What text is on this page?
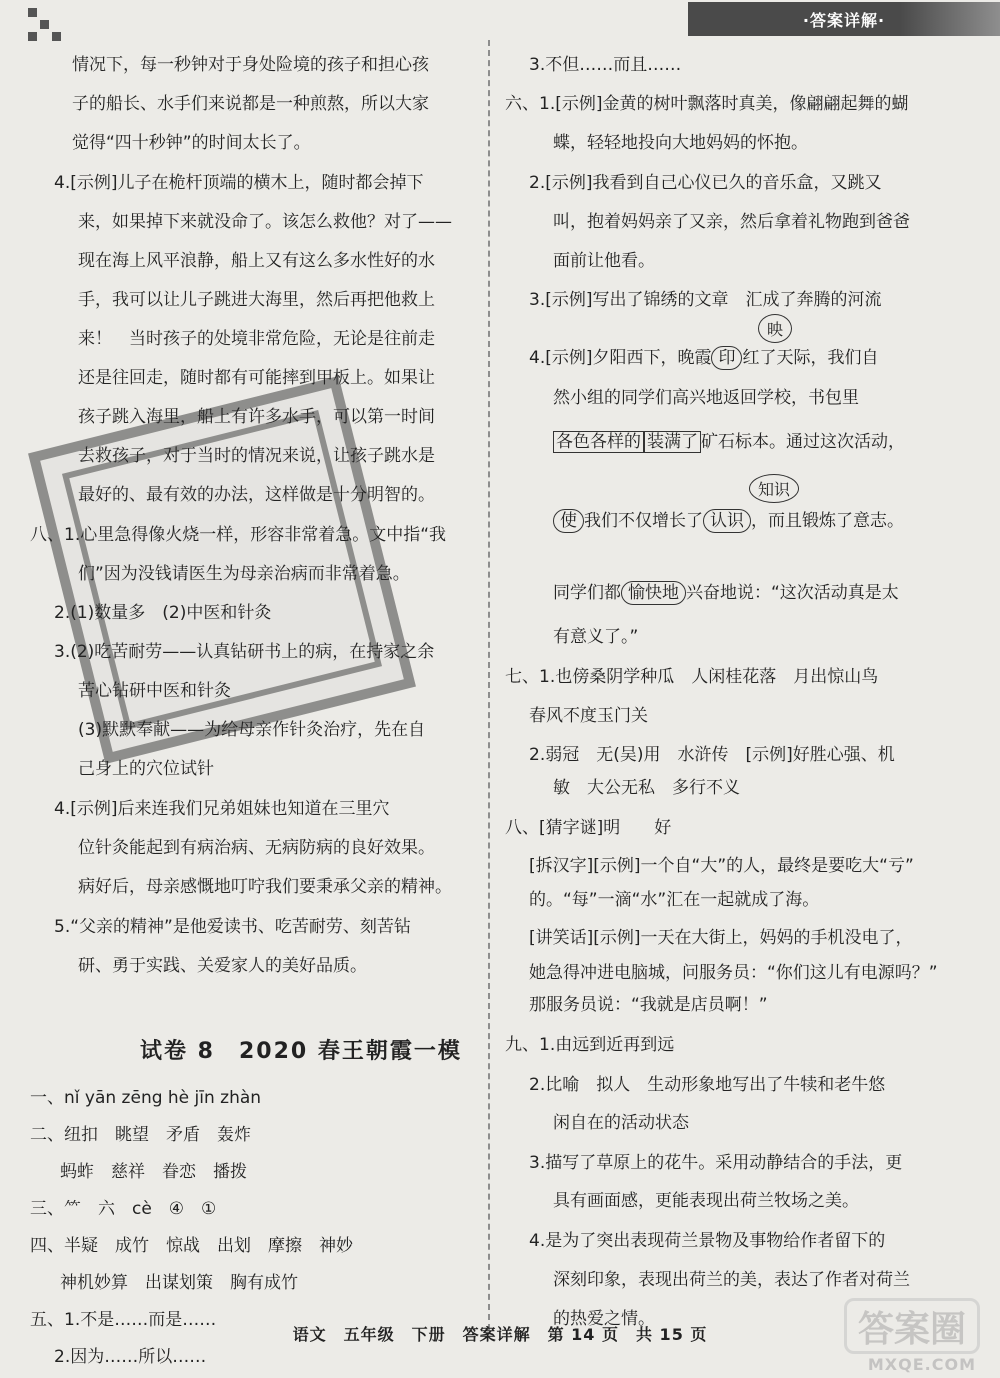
·答案详解·
情况下，每一秒钟对于身处险境的孩子和担心孩
子的船长、水手们来说都是一种煎熬，所以大家
觉得“四十秒钟”的时间太长了。
4.[示例]儿子在桅杆顶端的横木上，随时都会掉下
来，如果掉下来就没命了。该怎么救他？对了——
现在海上风平浪静，船上又有这么多水性好的水
手，我可以让儿子跳进大海里，然后再把他救上
来！　当时孩子的处境非常危险，无论是往前走
还是往回走，随时都有可能摔到甲板上。如果让
孩子跳入海里，船上有许多水手，可以第一时间
去救孩子，对于当时的情况来说，让孩子跳水是
最好的、最有效的办法，这样做是十分明智的。
八、1.心里急得像火烧一样，形容非常着急。文中指“我
们”因为没钱请医生为母亲治病而非常着急。
2.(1)数量多　(2)中医和针灸
3.(2)吃苦耐劳——认真钻研书上的病，在持家之余
苦心钻研中医和针灸
(3)默默奉献——为给母亲作针灸治疗，先在自
己身上的穴位试针
4.[示例]后来连我们兄弟姐妹也知道在三里穴
位针灸能起到有病治病、无病防病的良好效果。
病好后，母亲感慨地叮咛我们要秉承父亲的精神。
5.“父亲的精神”是他爱读书、吃苦耐劳、刻苦钻
研、勇于实践、关爱家人的美好品质。
试卷 8　2020 春王朝霞一模
一、nǐ yān zēng hè jīn zhàn
二、纽扣　眺望　矛盾　轰炸
蚂蚱　慈祥　眷恋　播拨
三、⺮　六　cè　④　①
四、半疑　成竹　惊战　出划　摩擦　神妙
神机妙算　出谋划策　胸有成竹
五、1.不是……而是……
2.因为……所以……
3.不但……而且……
六、1.[示例]金黄的树叶飘落时真美，像翩翩起舞的蝴
蝶，轻轻地投向大地妈妈的怀抱。
2.[示例]我看到自己心仪已久的音乐盒，又跳又
叫，抱着妈妈亲了又亲，然后拿着礼物跑到爸爸
面前让他看。
3.[示例]写出了锦绣的文章　汇成了奔腾的河流
映
4.[示例]夕阳西下，晚霞 印 红了天际，我们自
然小组的同学们高兴地返回学校，书包里
各色各样的 装满了 矿石标本。通过这次活动，
知识
使 我们不仅增长了 认识 ，而且锻炼了意志。
同学们都 愉快地 兴奋地说：“这次活动真是太
有意义了。”
七、1.也傍桑阴学种瓜　人闲桂花落　月出惊山鸟
春风不度玉门关
2.弱冠　无(吴)用　水浒传　[示例]好胜心强、机
敏　大公无私　多行不义
八、[猜字谜]明　　好
[拆汉字][示例]一个自“大”的人，最终是要吃大“亏”
的。“每”一滴“水”汇在一起就成了海。
[讲笑话][示例]一天在大街上，妈妈的手机没电了，
她急得冲进电脑城，问服务员：“你们这儿有电源吗？”
那服务员说：“我就是店员啊！”
九、1.由远到近再到远
2.比喻　拟人　生动形象地写出了牛犊和老牛悠
闲自在的活动状态
3.描写了草原上的花牛。采用动静结合的手法，更
具有画面感，更能表现出荷兰牧场之美。
4.是为了突出表现荷兰景物及事物给作者留下的
深刻印象，表现出荷兰的美，表达了作者对荷兰
的热爱之情。
语文　五年级　下册　答案详解　第 14 页　共 15 页	答案圈
MXQE.COM
